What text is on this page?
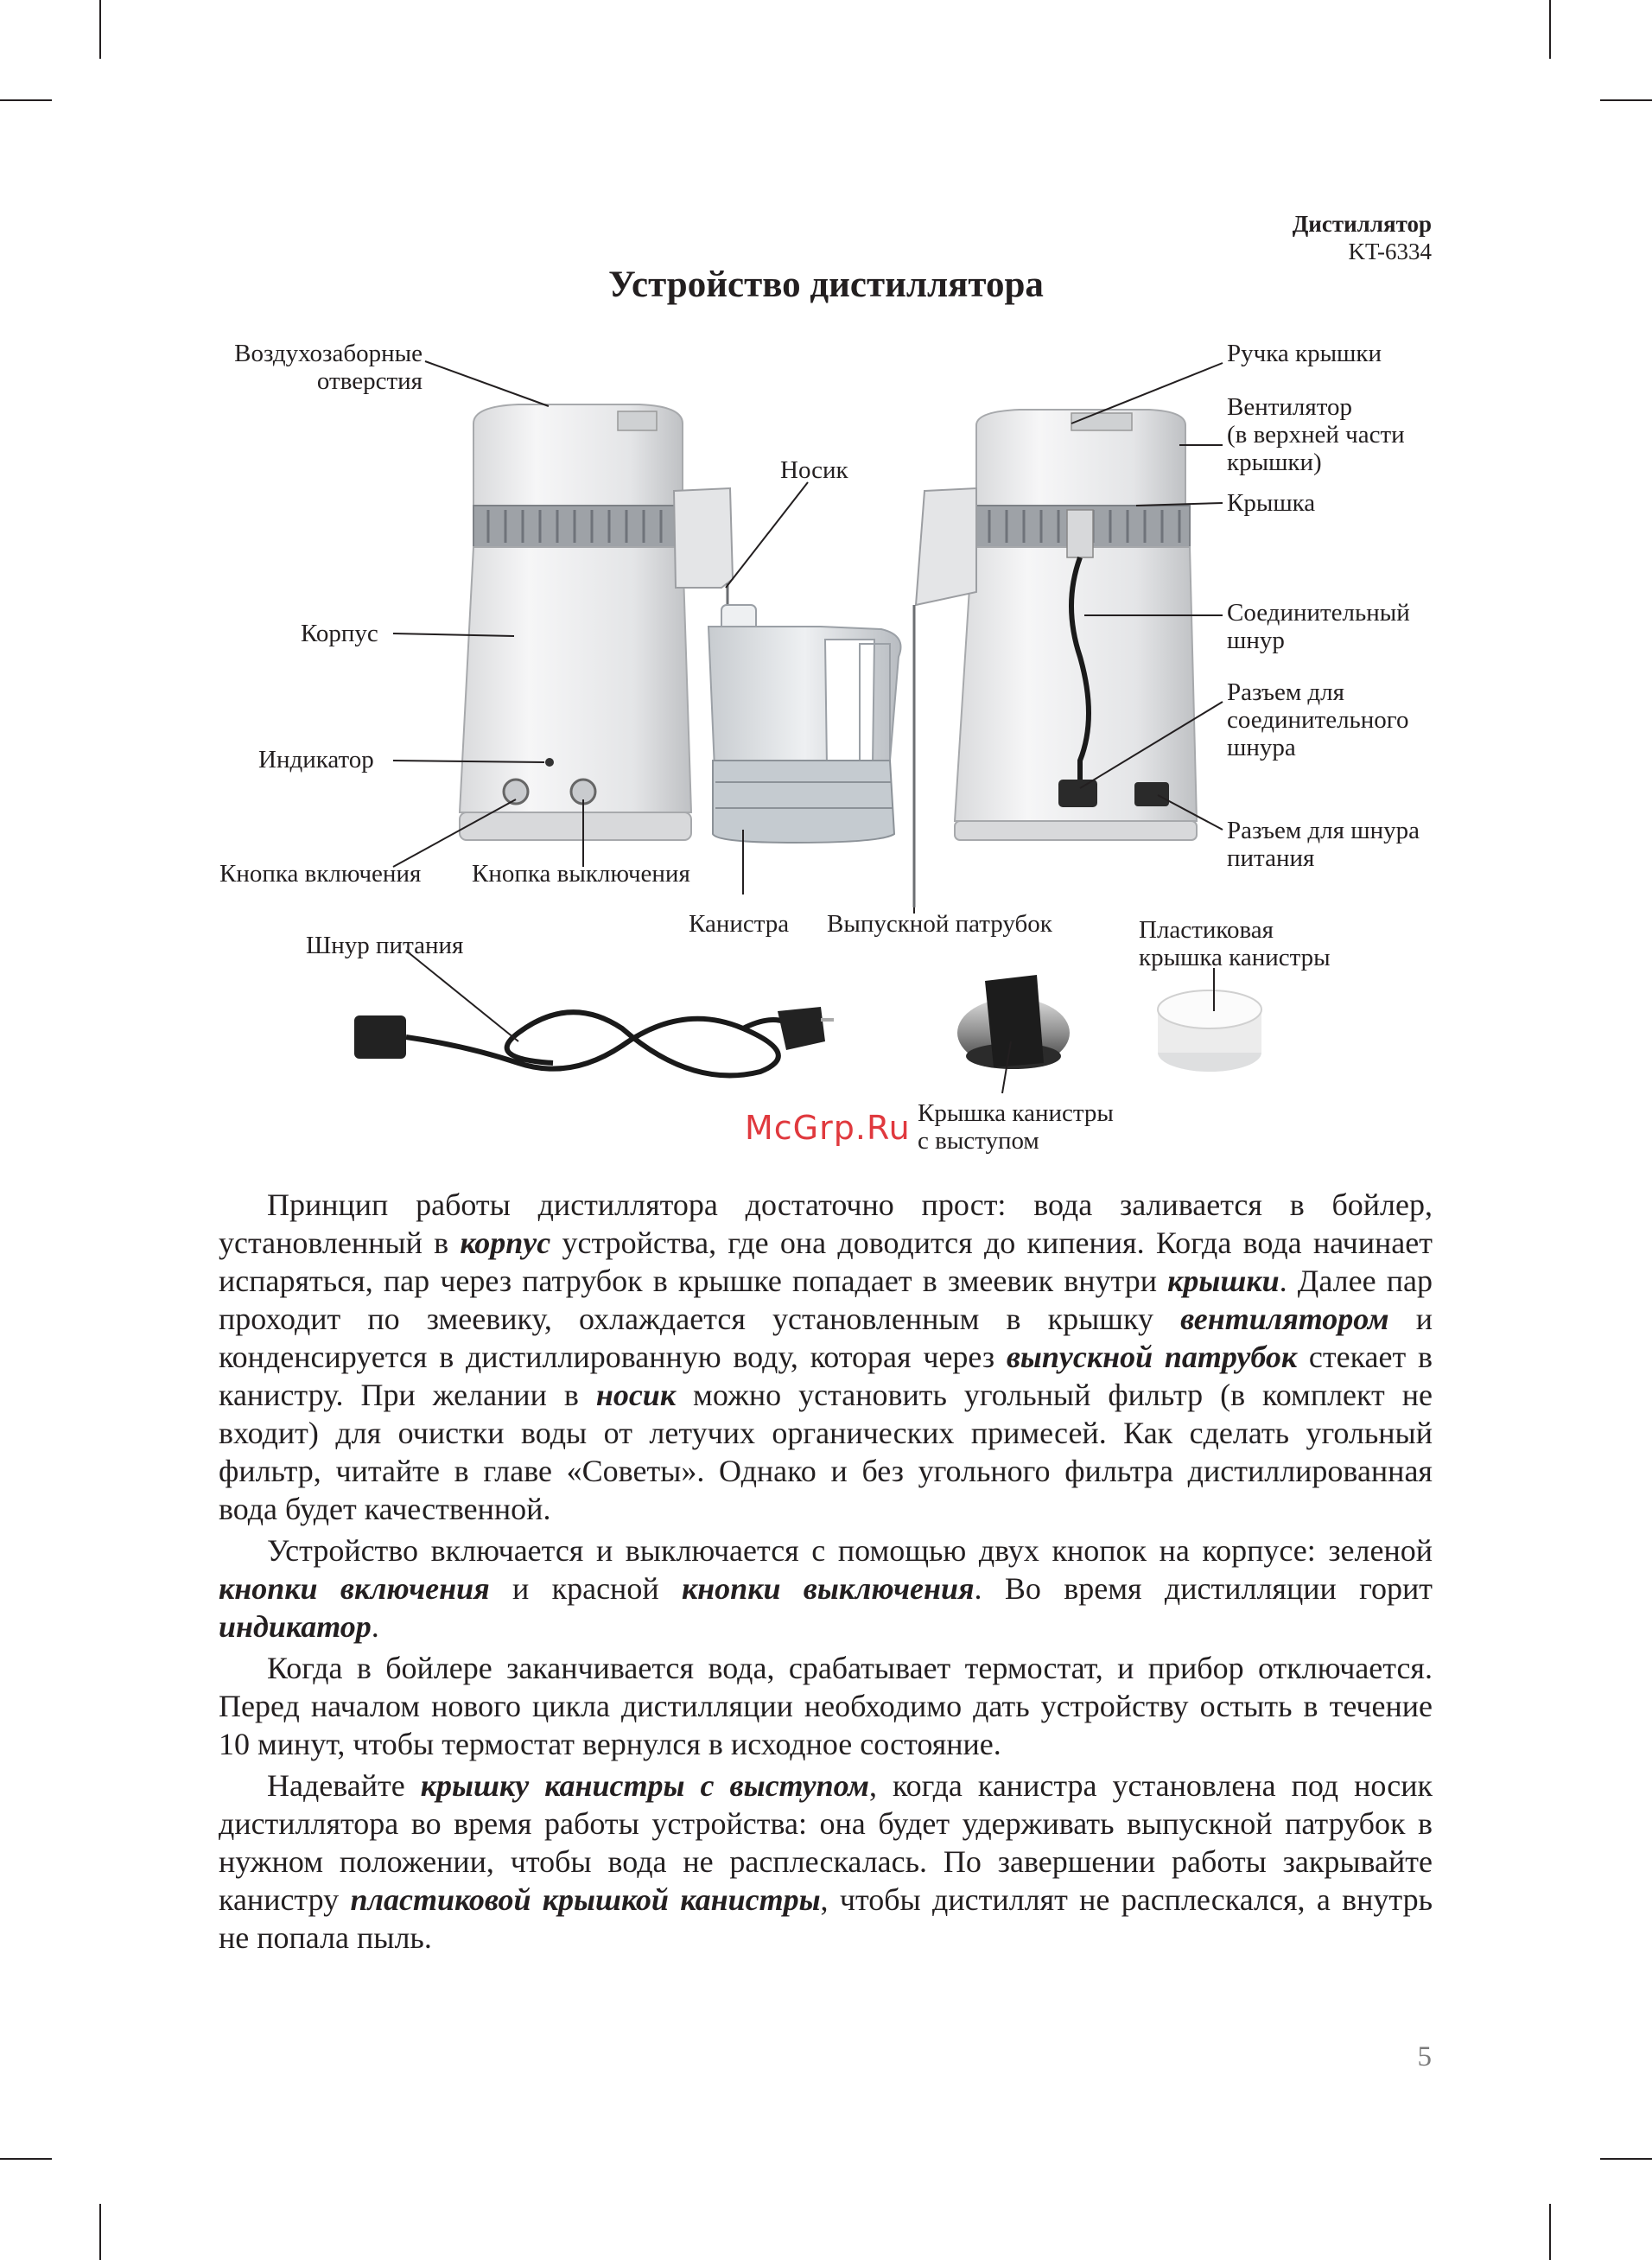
Дистиллятор
KT-6334
Устройство дистиллятора
Воздухозаборные
отверстия
Носик
Корпус
Индикатор
Кнопка включения Кнопка выключения
Канистра Выпускной патрубок
Ручка крышки
Вентилятор
(в верхней части
крышки)
Крышка
Соединительный
шнур
Разъем для
соединительного
шнура
Разъем для шнура
питания
Шнур питания
Пластиковая
крышка канистры
Крышка канистры
с выступом
McGrp.Ru

Принцип работы дистиллятора достаточно прост: вода заливается в бойлер, установленный в корпус устройства, где она доводится до кипения. Когда вода начинает испаряться, пар через патрубок в крышке попадает в змеевик внутри крышки. Далее пар проходит по змеевику, охлаждается установленным в крышку вентилятором и конденсируется в дистиллированную воду, которая через выпускной патрубок стекает в канистру. При желании в носик можно установить угольный фильтр (в комплект не входит) для очистки воды от летучих органических примесей. Как сделать угольный фильтр, читайте в главе «Советы». Однако и без угольного фильтра дистиллированная вода будет качественной.

Устройство включается и выключается с помощью двух кнопок на корпусе: зеленой кнопки включения и красной кнопки выключения. Во время дистилляции горит индикатор.

Когда в бойлере заканчивается вода, срабатывает термостат, и прибор отключается. Перед началом нового цикла дистилляции необходимо дать устройству остыть в течение 10 минут, чтобы термостат вернулся в исходное состояние.

Надевайте крышку канистры с выступом, когда канистра установлена под носик дистиллятора во время работы устройства: она будет удерживать выпускной патрубок в нужном положении, чтобы вода не расплескалась. По завершении работы закрывайте канистру пластиковой крышкой канистры, чтобы дистиллят не расплескался, а внутрь не попала пыль.

5
